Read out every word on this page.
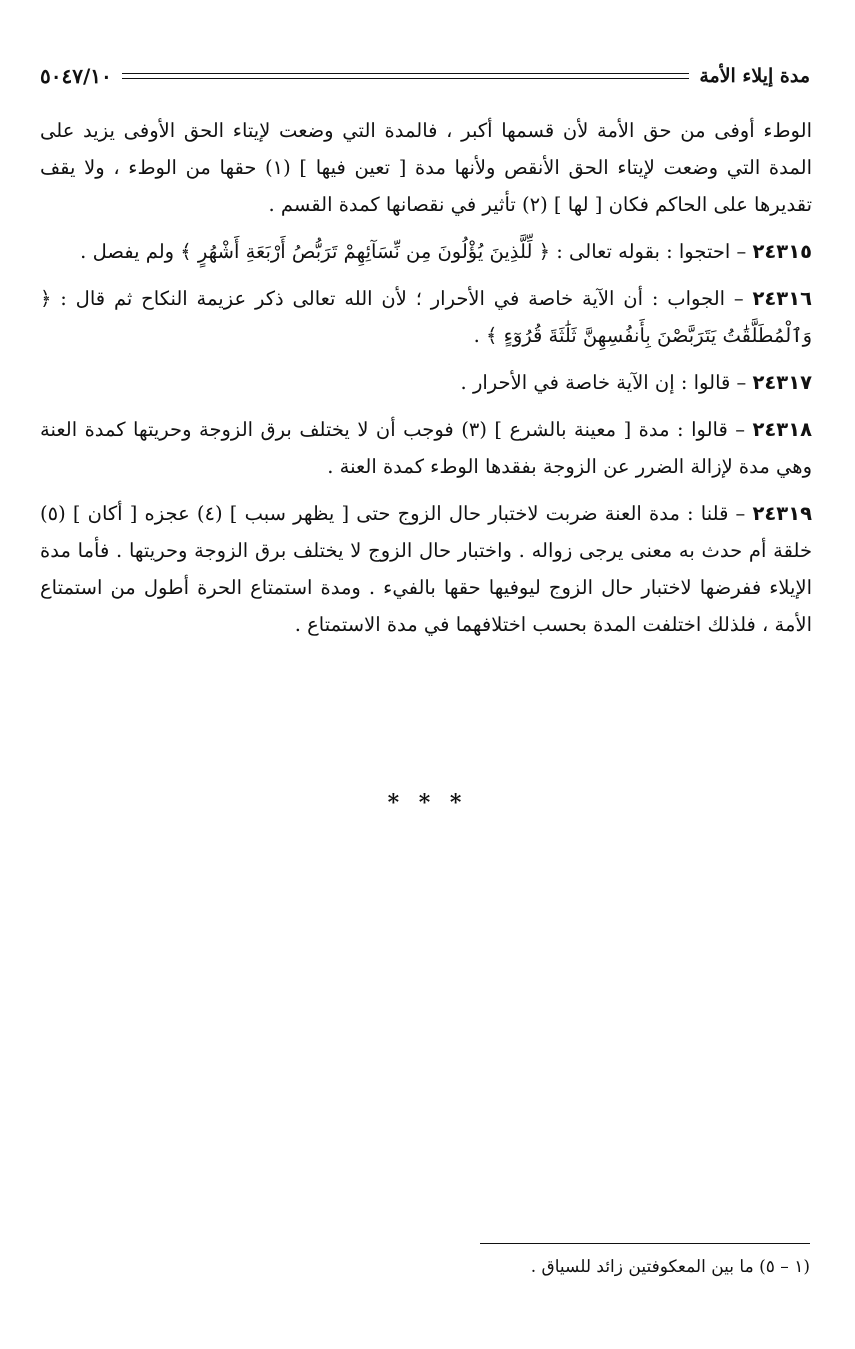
مدة إيلاء الأمة
٥٠٤٧/١٠

الوطء أوفى من حق الأمة لأن قسمها أكبر ، فالمدة التي وضعت لإيتاء الحق الأوفى يزيد على المدة التي وضعت لإيتاء الحق الأنقص ولأنها مدة [ تعين فيها ] (١) حقها من الوطء ، ولا يقف تقديرها على الحاكم فكان [ لها ] (٢) تأثير في نقصانها كمدة القسم .

٢٤٣١٥ – احتجوا : بقوله تعالى : ﴿ لِّلَّذِينَ يُؤْلُونَ مِن نِّسَآئِهِمْ تَرَبُّصُ أَرْبَعَةِ أَشْهُرٍ ﴾ ولم يفصل .

٢٤٣١٦ – الجواب : أن الآية خاصة في الأحرار ؛ لأن الله تعالى ذكر عزيمة النكاح ثم قال : ﴿ وَٱلْمُطَلَّقَٰتُ يَتَرَبَّصْنَ بِأَنفُسِهِنَّ ثَلَٰثَةَ قُرُوٓءٍ ﴾ .

٢٤٣١٧ – قالوا : إن الآية خاصة في الأحرار .

٢٤٣١٨ – قالوا : مدة [ معينة بالشرع ] (٣) فوجب أن لا يختلف برق الزوجة وحريتها كمدة العنة وهي مدة لإزالة الضرر عن الزوجة بفقدها الوطء كمدة العنة .

٢٤٣١٩ – قلنا : مدة العنة ضربت لاختبار حال الزوج حتى [ يظهر سبب ] (٤) عجزه [ أكان ] (٥) خلقة أم حدث به معنى يرجى زواله . واختبار حال الزوج لا يختلف برق الزوجة وحريتها . فأما مدة الإيلاء ففرضها لاختبار حال الزوج ليوفيها حقها بالفيء . ومدة استمتاع الحرة أطول من استمتاع الأمة ، فلذلك اختلفت المدة بحسب اختلافهما في مدة الاستمتاع .

* * *
(١ – ٥) ما بين المعكوفتين زائد للسياق .
